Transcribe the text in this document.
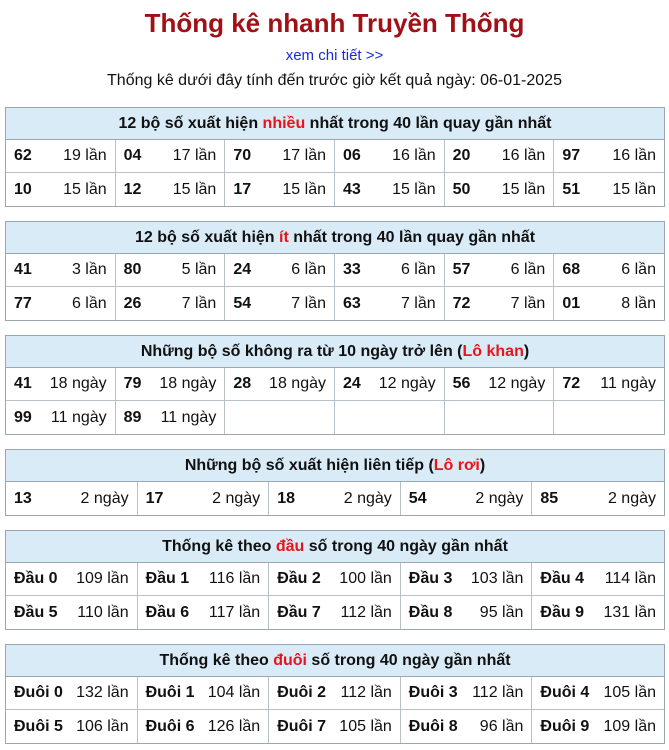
Thống kê nhanh Truyền Thống
xem chi tiết >>
Thống kê dưới đây tính đến trước giờ kết quả ngày: 06-01-2025
12 bộ số xuất hiện nhiều nhất trong 40 lần quay gần nhất
62 19 lần	04 17 lần	70 17 lần	06 16 lần	20 16 lần	97 16 lần
10 15 lần	12 15 lần	17 15 lần	43 15 lần	50 15 lần	51 15 lần
12 bộ số xuất hiện ít nhất trong 40 lần quay gần nhất
41	3 lần	80	5 lần	24	6 lần	33	6 lần	57	6 lần	68	6 lần
77	6 lần	26	7 lần	54	7 lần	63	7 lần	72	7 lần	01	8 lần
Những bộ số không ra từ 10 ngày trở lên (Lô khan)
41 18 ngày	79 18 ngày	28 18 ngày	24 12 ngày	56 12 ngày	72 11 ngày
99 11 ngày	89 11 ngày
Những bộ số xuất hiện liên tiếp (Lô rơi)
13	2 ngày	17	2 ngày	18	2 ngày	54	2 ngày	85	2 ngày
Thống kê theo đầu số trong 40 ngày gần nhất
Đầu 0 109 lần	Đầu 1 116 lần	Đầu 2 100 lần	Đầu 3 103 lần	Đầu 4 114 lần
Đầu 5 110 lần	Đầu 6 117 lần	Đầu 7 112 lần	Đầu 8 95 lần	Đầu 9 131 lần
Thống kê theo đuôi số trong 40 ngày gần nhất
Đuôi 0 132 lần	Đuôi 1 104 lần	Đuôi 2 112 lần	Đuôi 3 112 lần	Đuôi 4 105 lần
Đuôi 5 106 lần	Đuôi 6 126 lần	Đuôi 7 105 lần	Đuôi 8 96 lần	Đuôi 9 109 lần
